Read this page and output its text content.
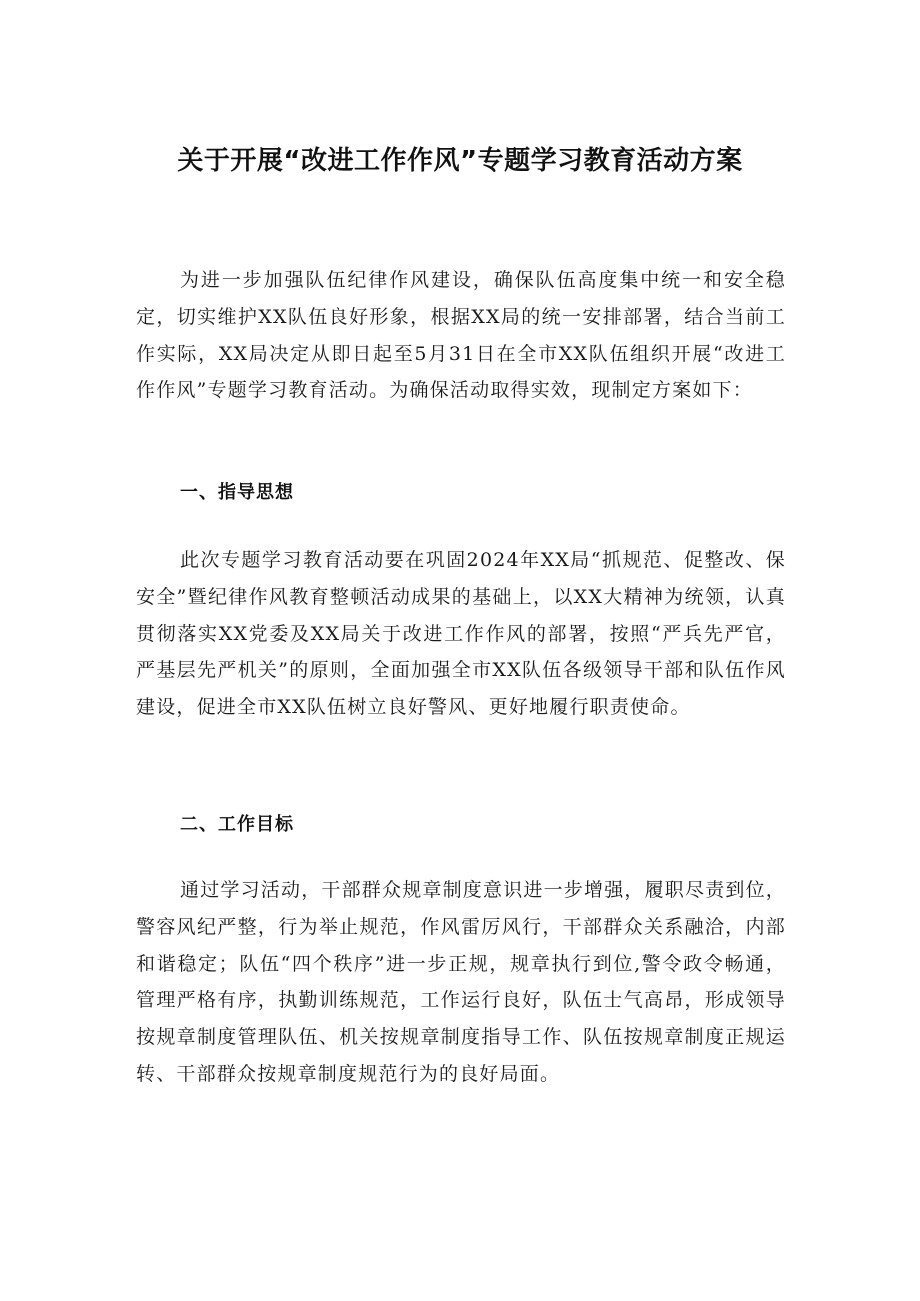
关于开展“改进工作作风”专题学习教育活动方案

为进一步加强队伍纪律作风建设，确保队伍高度集中统一和安全稳定，切实维护XX队伍良好形象，根据XX局的统一安排部署，结合当前工作实际，XX局决定从即日起至5月31日在全市XX队伍组织开展“改进工作作风”专题学习教育活动。为确保活动取得实效，现制定方案如下：

一、指导思想

此次专题学习教育活动要在巩固2024年XX局“抓规范、促整改、保安全”暨纪律作风教育整顿活动成果的基础上，以XX大精神为统领，认真贯彻落实XX党委及XX局关于改进工作作风的部署，按照“严兵先严官，严基层先严机关”的原则，全面加强全市XX队伍各级领导干部和队伍作风建设，促进全市XX队伍树立良好警风、更好地履行职责使命。

二、工作目标

通过学习活动，干部群众规章制度意识进一步增强，履职尽责到位，警容风纪严整，行为举止规范，作风雷厉风行，干部群众关系融洽，内部和谐稳定；队伍“四个秩序”进一步正规，规章执行到位,警令政令畅通，管理严格有序，执勤训练规范，工作运行良好，队伍士气高昂，形成领导按规章制度管理队伍、机关按规章制度指导工作、队伍按规章制度正规运转、干部群众按规章制度规范行为的良好局面。
